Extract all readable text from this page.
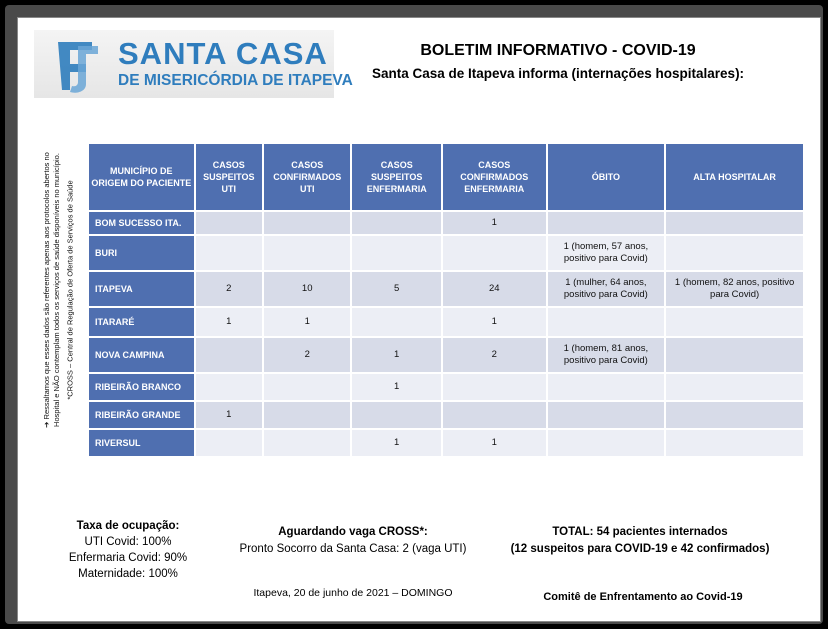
SANTA CASA
DE MISERICÓRDIA DE ITAPEVA
BOLETIM INFORMATIVO - COVID-19
Santa Casa de Itapeva informa (internações hospitalares):
➔ Ressaltamos que esses dados são referentes apenas aos protocolos abertos no Hospital e NÃO contemplam todos os serviços de saúde disponíveis no município. *CROSS – Central de Regulação de Oferta de Serviços de Saúde
MUNICÍPIO DE ORIGEM DO PACIENTE	CASOS SUSPEITOS UTI	CASOS CONFIRMADOS UTI	CASOS SUSPEITOS ENFERMARIA	CASOS CONFIRMADOS ENFERMARIA	ÓBITO	ALTA HOSPITALAR
BOM SUCESSO ITA.				1		
BURI					1 (homem, 57 anos, positivo para Covid)	
ITAPEVA	2	10	5	24	1 (mulher, 64 anos, positivo para Covid)	1 (homem, 82 anos, positivo para Covid)
ITARARÉ	1	1		1		
NOVA CAMPINA		2	1	2	1 (homem, 81 anos, positivo para Covid)	
RIBEIRÃO BRANCO			1			
RIBEIRÃO GRANDE	1					
RIVERSUL			1	1		
Taxa de ocupação:
UTI Covid: 100%
Enfermaria Covid: 90%
Maternidade: 100%
Aguardando vaga CROSS*:
Pronto Socorro da Santa Casa: 2 (vaga UTI)
TOTAL: 54 pacientes internados
(12 suspeitos para COVID-19 e 42 confirmados)
Itapeva, 20 de junho de 2021 – DOMINGO	Comitê de Enfrentamento ao Covid-19
